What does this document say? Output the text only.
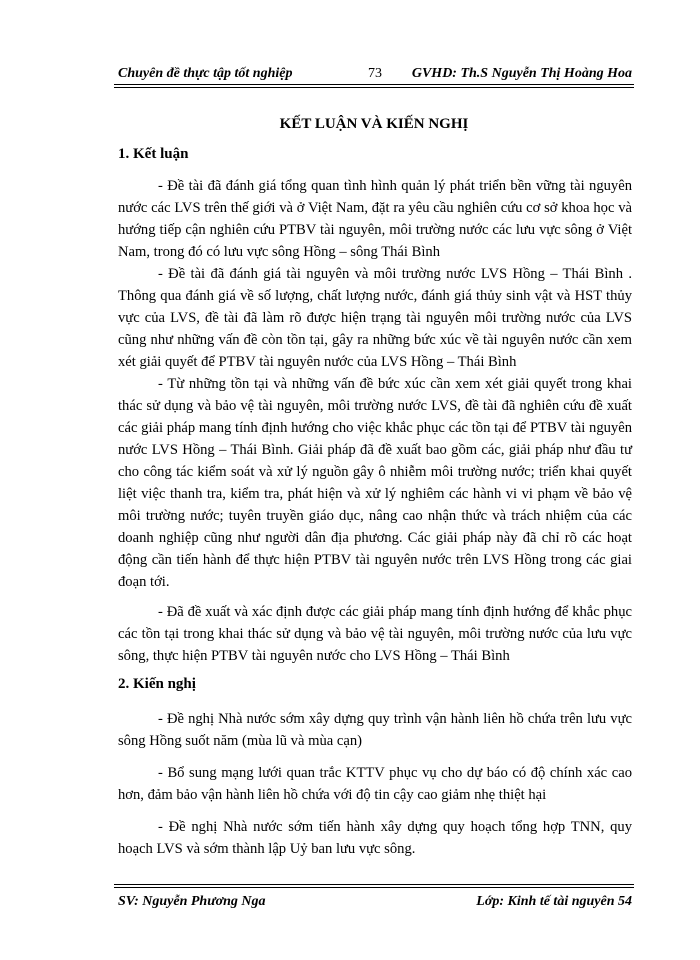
Chuyên đề thực tập tốt nghiệp	73 GVHD: Th.S Nguyễn Thị Hoàng Hoa
KẾT LUẬN VÀ KIẾN NGHỊ
1. Kết luận
- Đề tài đã đánh giá tổng quan tình hình quản lý phát triển bền vững tài nguyên nước các LVS trên thế giới và ở Việt Nam, đặt ra yêu cầu nghiên cứu cơ sở khoa học và hướng tiếp cận nghiên cứu PTBV tài nguyên, môi trường nước các lưu vực sông ở Việt Nam, trong đó có lưu vực sông Hồng – sông Thái Bình
- Đề tài đã đánh giá tài nguyên và môi trường nước LVS Hồng – Thái Bình . Thông qua đánh giá về số lượng, chất lượng nước, đánh giá thủy sinh vật và HST thủy vực của LVS, đề tài đã làm rõ được hiện trạng tài nguyên môi trường nước của LVS cũng như những vấn đề còn tồn tại, gây ra những bức xúc về tài nguyên nước cần xem xét giải quyết để PTBV tài nguyên nước của LVS Hồng – Thái Bình
- Từ những tồn tại và những vấn đề bức xúc cần xem xét giải quyết trong khai thác sử dụng và bảo vệ tài nguyên, môi trường nước LVS, đề tài đã nghiên cứu đề xuất các giải pháp mang tính định hướng cho việc khắc phục các tồn tại để PTBV tài nguyên nước LVS Hồng – Thái Bình. Giải pháp đã đề xuất bao gồm các, giải pháp như đầu tư cho công tác kiểm soát và xử lý nguồn gây ô nhiễm môi trường nước; triển khai quyết liệt việc thanh tra, kiểm tra, phát hiện và xử lý nghiêm các hành vi vi phạm về bảo vệ môi trường nước; tuyên truyền giáo dục, nâng cao nhận thức và trách nhiệm của các doanh nghiệp cũng như người dân địa phương. Các giải pháp này đã chỉ rõ các hoạt động cần tiến hành để thực hiện PTBV tài nguyên nước trên LVS Hồng trong các giai đoạn tới.
- Đã đề xuất và xác định được các giải pháp mang tính định hướng để khắc phục các tồn tại trong khai thác sử dụng và bảo vệ tài nguyên, môi trường nước của lưu vực sông, thực hiện PTBV tài nguyên nước cho LVS Hồng – Thái Bình
2. Kiến nghị
- Đề nghị Nhà nước sớm xây dựng quy trình vận hành liên hồ chứa trên lưu vực sông Hồng suốt năm (mùa lũ và mùa cạn)
- Bổ sung mạng lưới quan trắc KTTV phục vụ cho dự báo có độ chính xác cao hơn, đảm bảo vận hành liên hồ chứa với độ tin cậy cao giảm nhẹ thiệt hại
- Đề nghị Nhà nước sớm tiến hành xây dựng quy hoạch tổng hợp TNN, quy hoạch LVS và sớm thành lập Uỷ ban lưu vực sông.
SV: Nguyễn Phương Nga	Lớp: Kinh tế tài nguyên 54
